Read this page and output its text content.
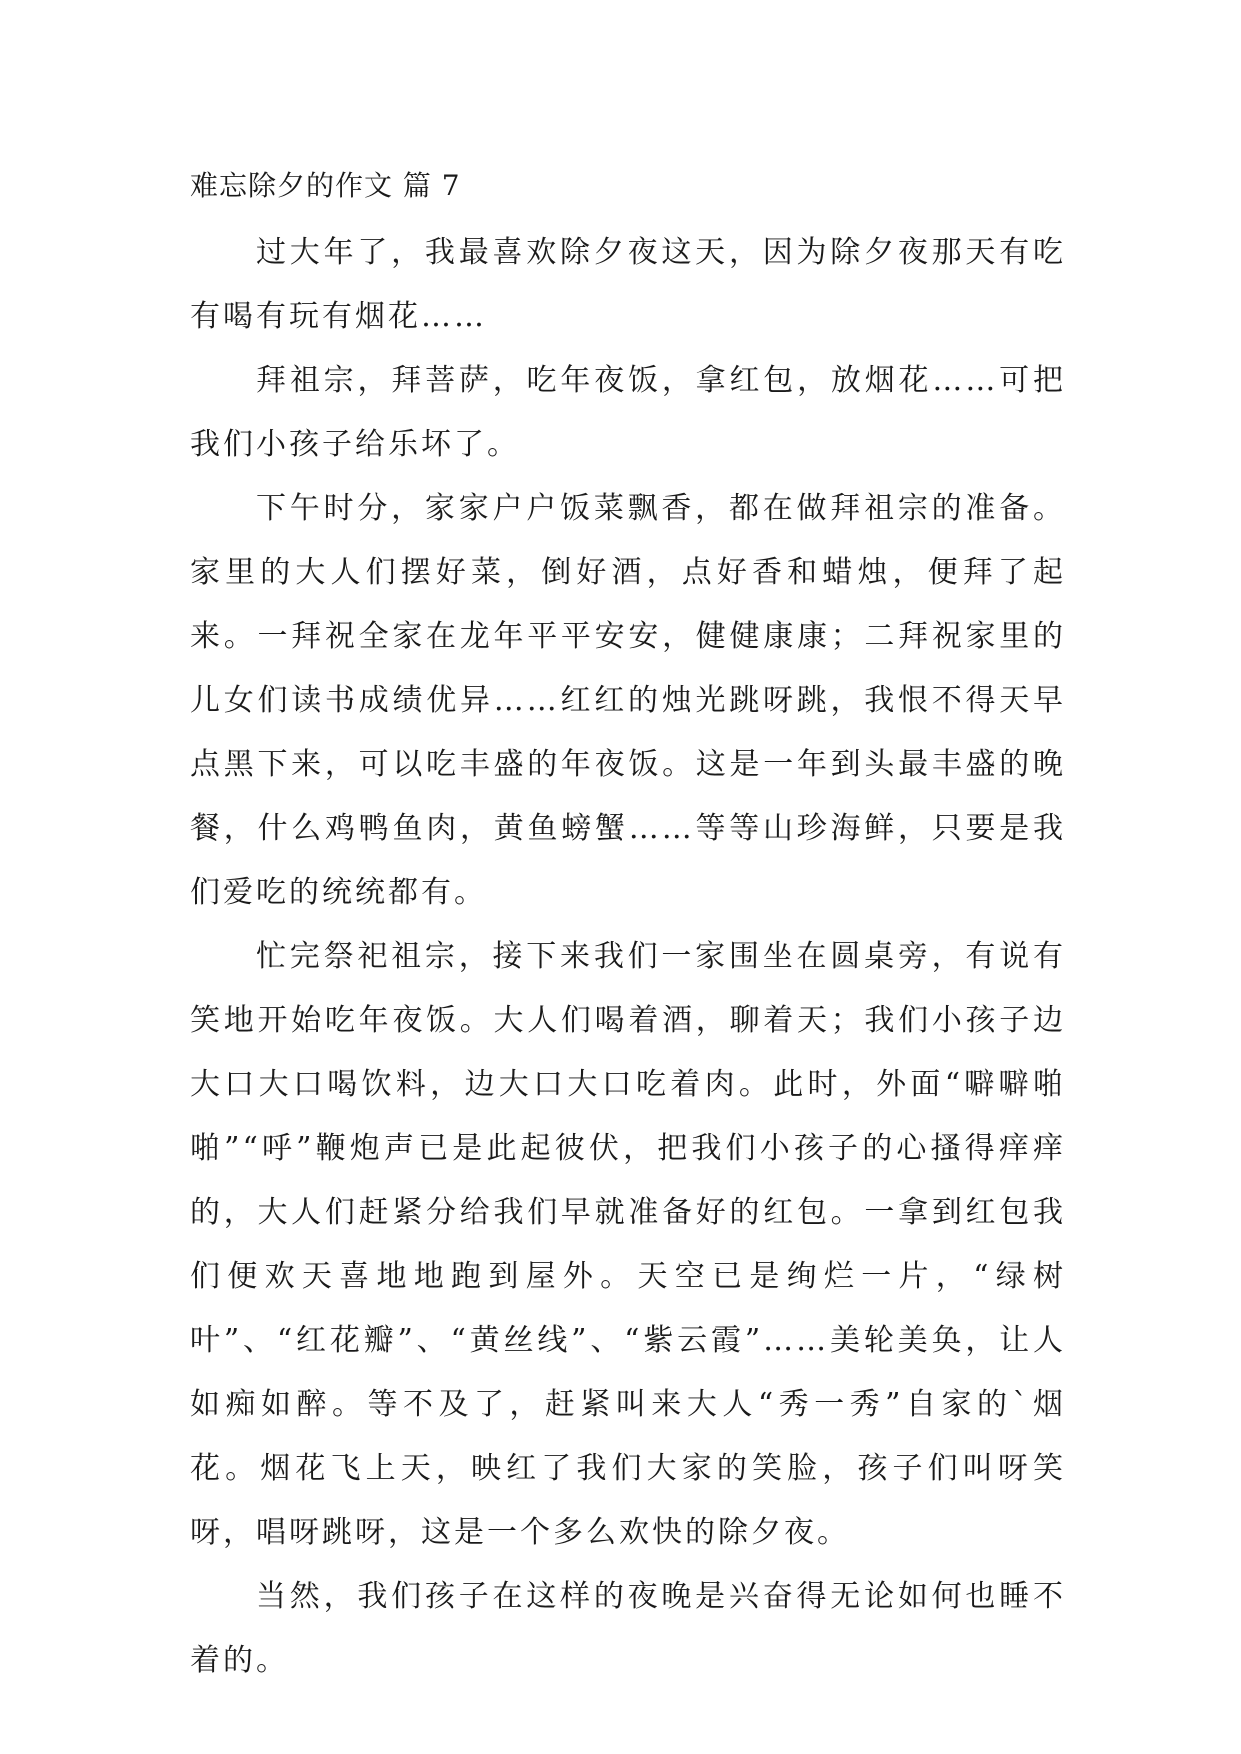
难忘除夕的作文 篇 7

过大年了，我最喜欢除夕夜这天，因为除夕夜那天有吃有喝有玩有烟花……

拜祖宗，拜菩萨，吃年夜饭，拿红包，放烟花……可把我们小孩子给乐坏了。

下午时分，家家户户饭菜飘香，都在做拜祖宗的准备。家里的大人们摆好菜，倒好酒，点好香和蜡烛，便拜了起来。一拜祝全家在龙年平平安安，健健康康；二拜祝家里的儿女们读书成绩优异……红红的烛光跳呀跳，我恨不得天早点黑下来，可以吃丰盛的年夜饭。这是一年到头最丰盛的晚餐，什么鸡鸭鱼肉，黄鱼螃蟹……等等山珍海鲜，只要是我们爱吃的统统都有。

忙完祭祀祖宗，接下来我们一家围坐在圆桌旁，有说有笑地开始吃年夜饭。大人们喝着酒，聊着天；我们小孩子边大口大口喝饮料，边大口大口吃着肉。此时，外面“噼噼啪啪”“呼”鞭炮声已是此起彼伏，把我们小孩子的心搔得痒痒的，大人们赶紧分给我们早就准备好的红包。一拿到红包我们便欢天喜地地跑到屋外。天空已是绚烂一片，“绿树叶”、“红花瓣”、“黄丝线”、“紫云霞”……美轮美奂，让人如痴如醉。等不及了，赶紧叫来大人“秀一秀”自家的`烟花。烟花飞上天，映红了我们大家的笑脸，孩子们叫呀笑呀，唱呀跳呀，这是一个多么欢快的除夕夜。

当然，我们孩子在这样的夜晚是兴奋得无论如何也睡不着的。
